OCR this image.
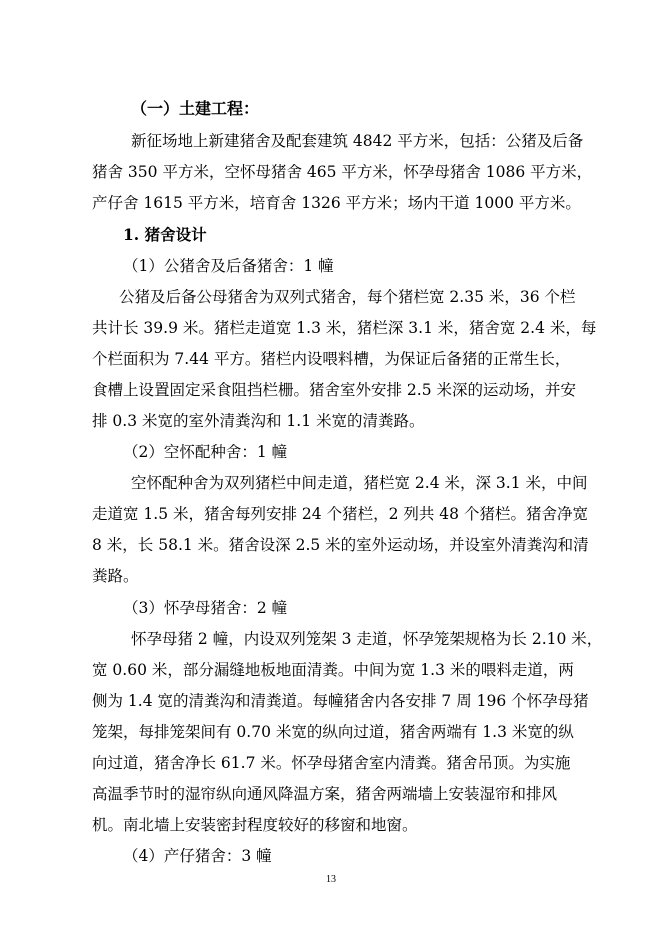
（一）土建工程：
新征场地上新建猪舍及配套建筑 4842 平方米，包括：公猪及后备
猪舍 350 平方米，空怀母猪舍 465 平方米，怀孕母猪舍 1086 平方米，
产仔舍 1615 平方米，培育舍 1326 平方米；场内干道 1000 平方米。
1. 猪舍设计
（1）公猪舍及后备猪舍：1 幢
公猪及后备公母猪舍为双列式猪舍，每个猪栏宽 2.35 米，36 个栏
共计长 39.9 米。猪栏走道宽 1.3 米，猪栏深 3.1 米，猪舍宽 2.4 米，每
个栏面积为 7.44 平方。猪栏内设喂料槽，为保证后备猪的正常生长，
食槽上设置固定采食阻挡栏栅。猪舍室外安排 2.5 米深的运动场，并安
排 0.3 米宽的室外清粪沟和 1.1 米宽的清粪路。
（2）空怀配种舍：1 幢
空怀配种舍为双列猪栏中间走道，猪栏宽 2.4 米，深 3.1 米，中间
走道宽 1.5 米，猪舍每列安排 24 个猪栏，2 列共 48 个猪栏。猪舍净宽
8 米，长 58.1 米。猪舍设深 2.5 米的室外运动场，并设室外清粪沟和清
粪路。
（3）怀孕母猪舍：2 幢
怀孕母猪 2 幢，内设双列笼架 3 走道，怀孕笼架规格为长 2.10 米，
宽 0.60 米，部分漏缝地板地面清粪。中间为宽 1.3 米的喂料走道，两
侧为 1.4 宽的清粪沟和清粪道。每幢猪舍内各安排 7 周 196 个怀孕母猪
笼架，每排笼架间有 0.70 米宽的纵向过道，猪舍两端有 1.3 米宽的纵
向过道，猪舍净长 61.7 米。怀孕母猪舍室内清粪。猪舍吊顶。为实施
高温季节时的湿帘纵向通风降温方案，猪舍两端墙上安装湿帘和排风
机。南北墙上安装密封程度较好的移窗和地窗。
（4）产仔猪舍：3 幢
13
